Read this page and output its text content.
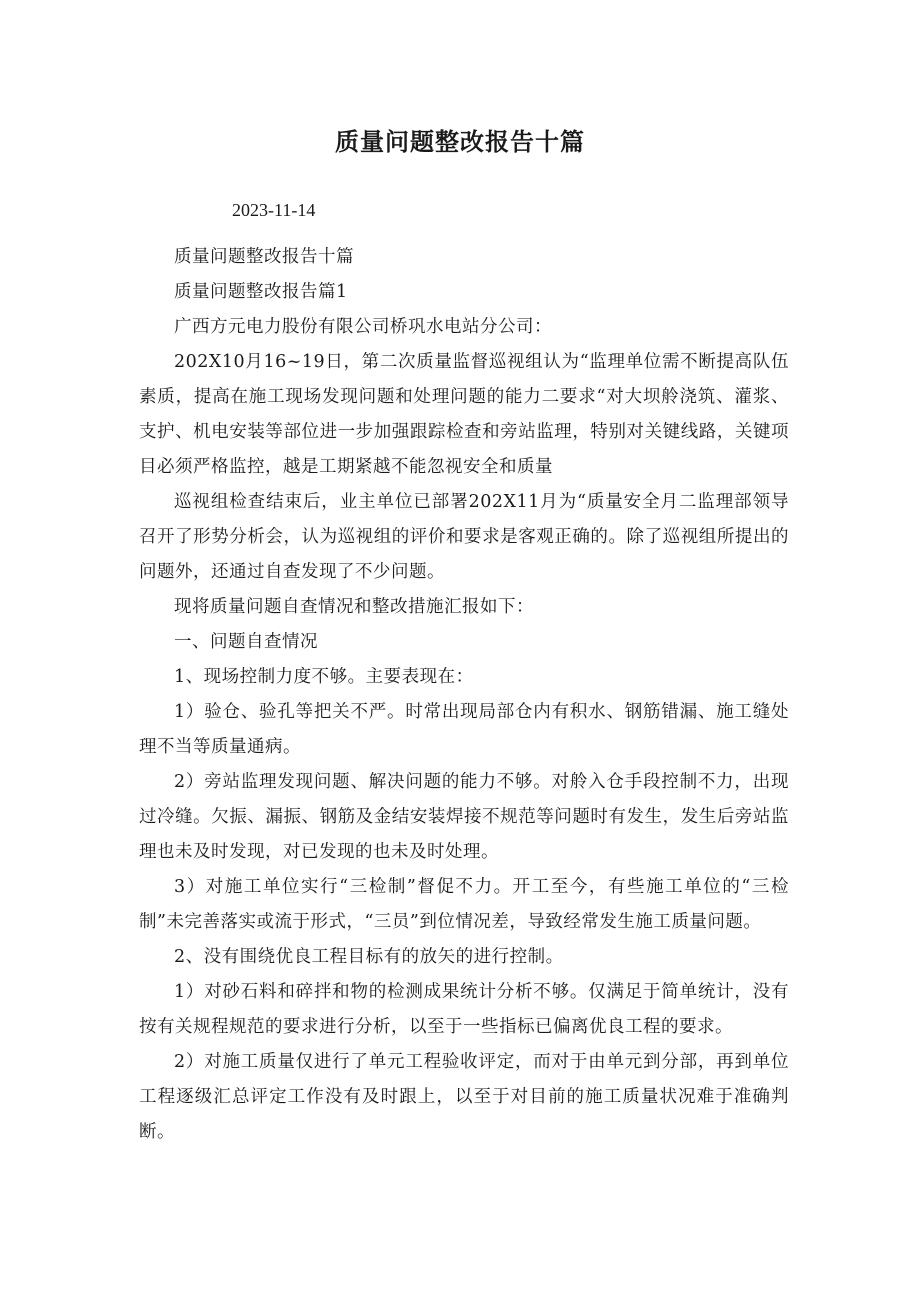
质量问题整改报告十篇
2023-11-14

质量问题整改报告十篇

质量问题整改报告篇1

广西方元电力股份有限公司桥巩水电站分公司：

202X10月16~19日，第二次质量监督巡视组认为“监理单位需不断提高队伍素质，提高在施工现场发现问题和处理问题的能力二要求“对大坝舲浇筑、灌浆、支护、机电安装等部位进一步加强跟踪检查和旁站监理，特别对关键线路，关键项目必须严格监控，越是工期紧越不能忽视安全和质量

巡视组检查结束后，业主单位已部署202X11月为“质量安全月二监理部领导召开了形势分析会，认为巡视组的评价和要求是客观正确的。除了巡视组所提出的问题外，还通过自查发现了不少问题。

现将质量问题自查情况和整改措施汇报如下：

一、问题自查情况

1、现场控制力度不够。主要表现在：

1）验仓、验孔等把关不严。时常出现局部仓内有积水、钢筋错漏、施工缝处理不当等质量通病。

2）旁站监理发现问题、解决问题的能力不够。对舲入仓手段控制不力，出现过冷缝。欠振、漏振、钢筋及金结安装焊接不规范等问题时有发生，发生后旁站监理也未及时发现，对已发现的也未及时处理。

3）对施工单位实行“三检制”督促不力。开工至今，有些施工单位的“三检制”未完善落实或流于形式，“三员”到位情况差，导致经常发生施工质量问题。

2、没有围绕优良工程目标有的放矢的进行控制。

1）对砂石料和碎拌和物的检测成果统计分析不够。仅满足于简单统计，没有按有关规程规范的要求进行分析，以至于一些指标已偏离优良工程的要求。

2）对施工质量仅进行了单元工程验收评定，而对于由单元到分部，再到单位工程逐级汇总评定工作没有及时跟上，以至于对目前的施工质量状况难于准确判断。
